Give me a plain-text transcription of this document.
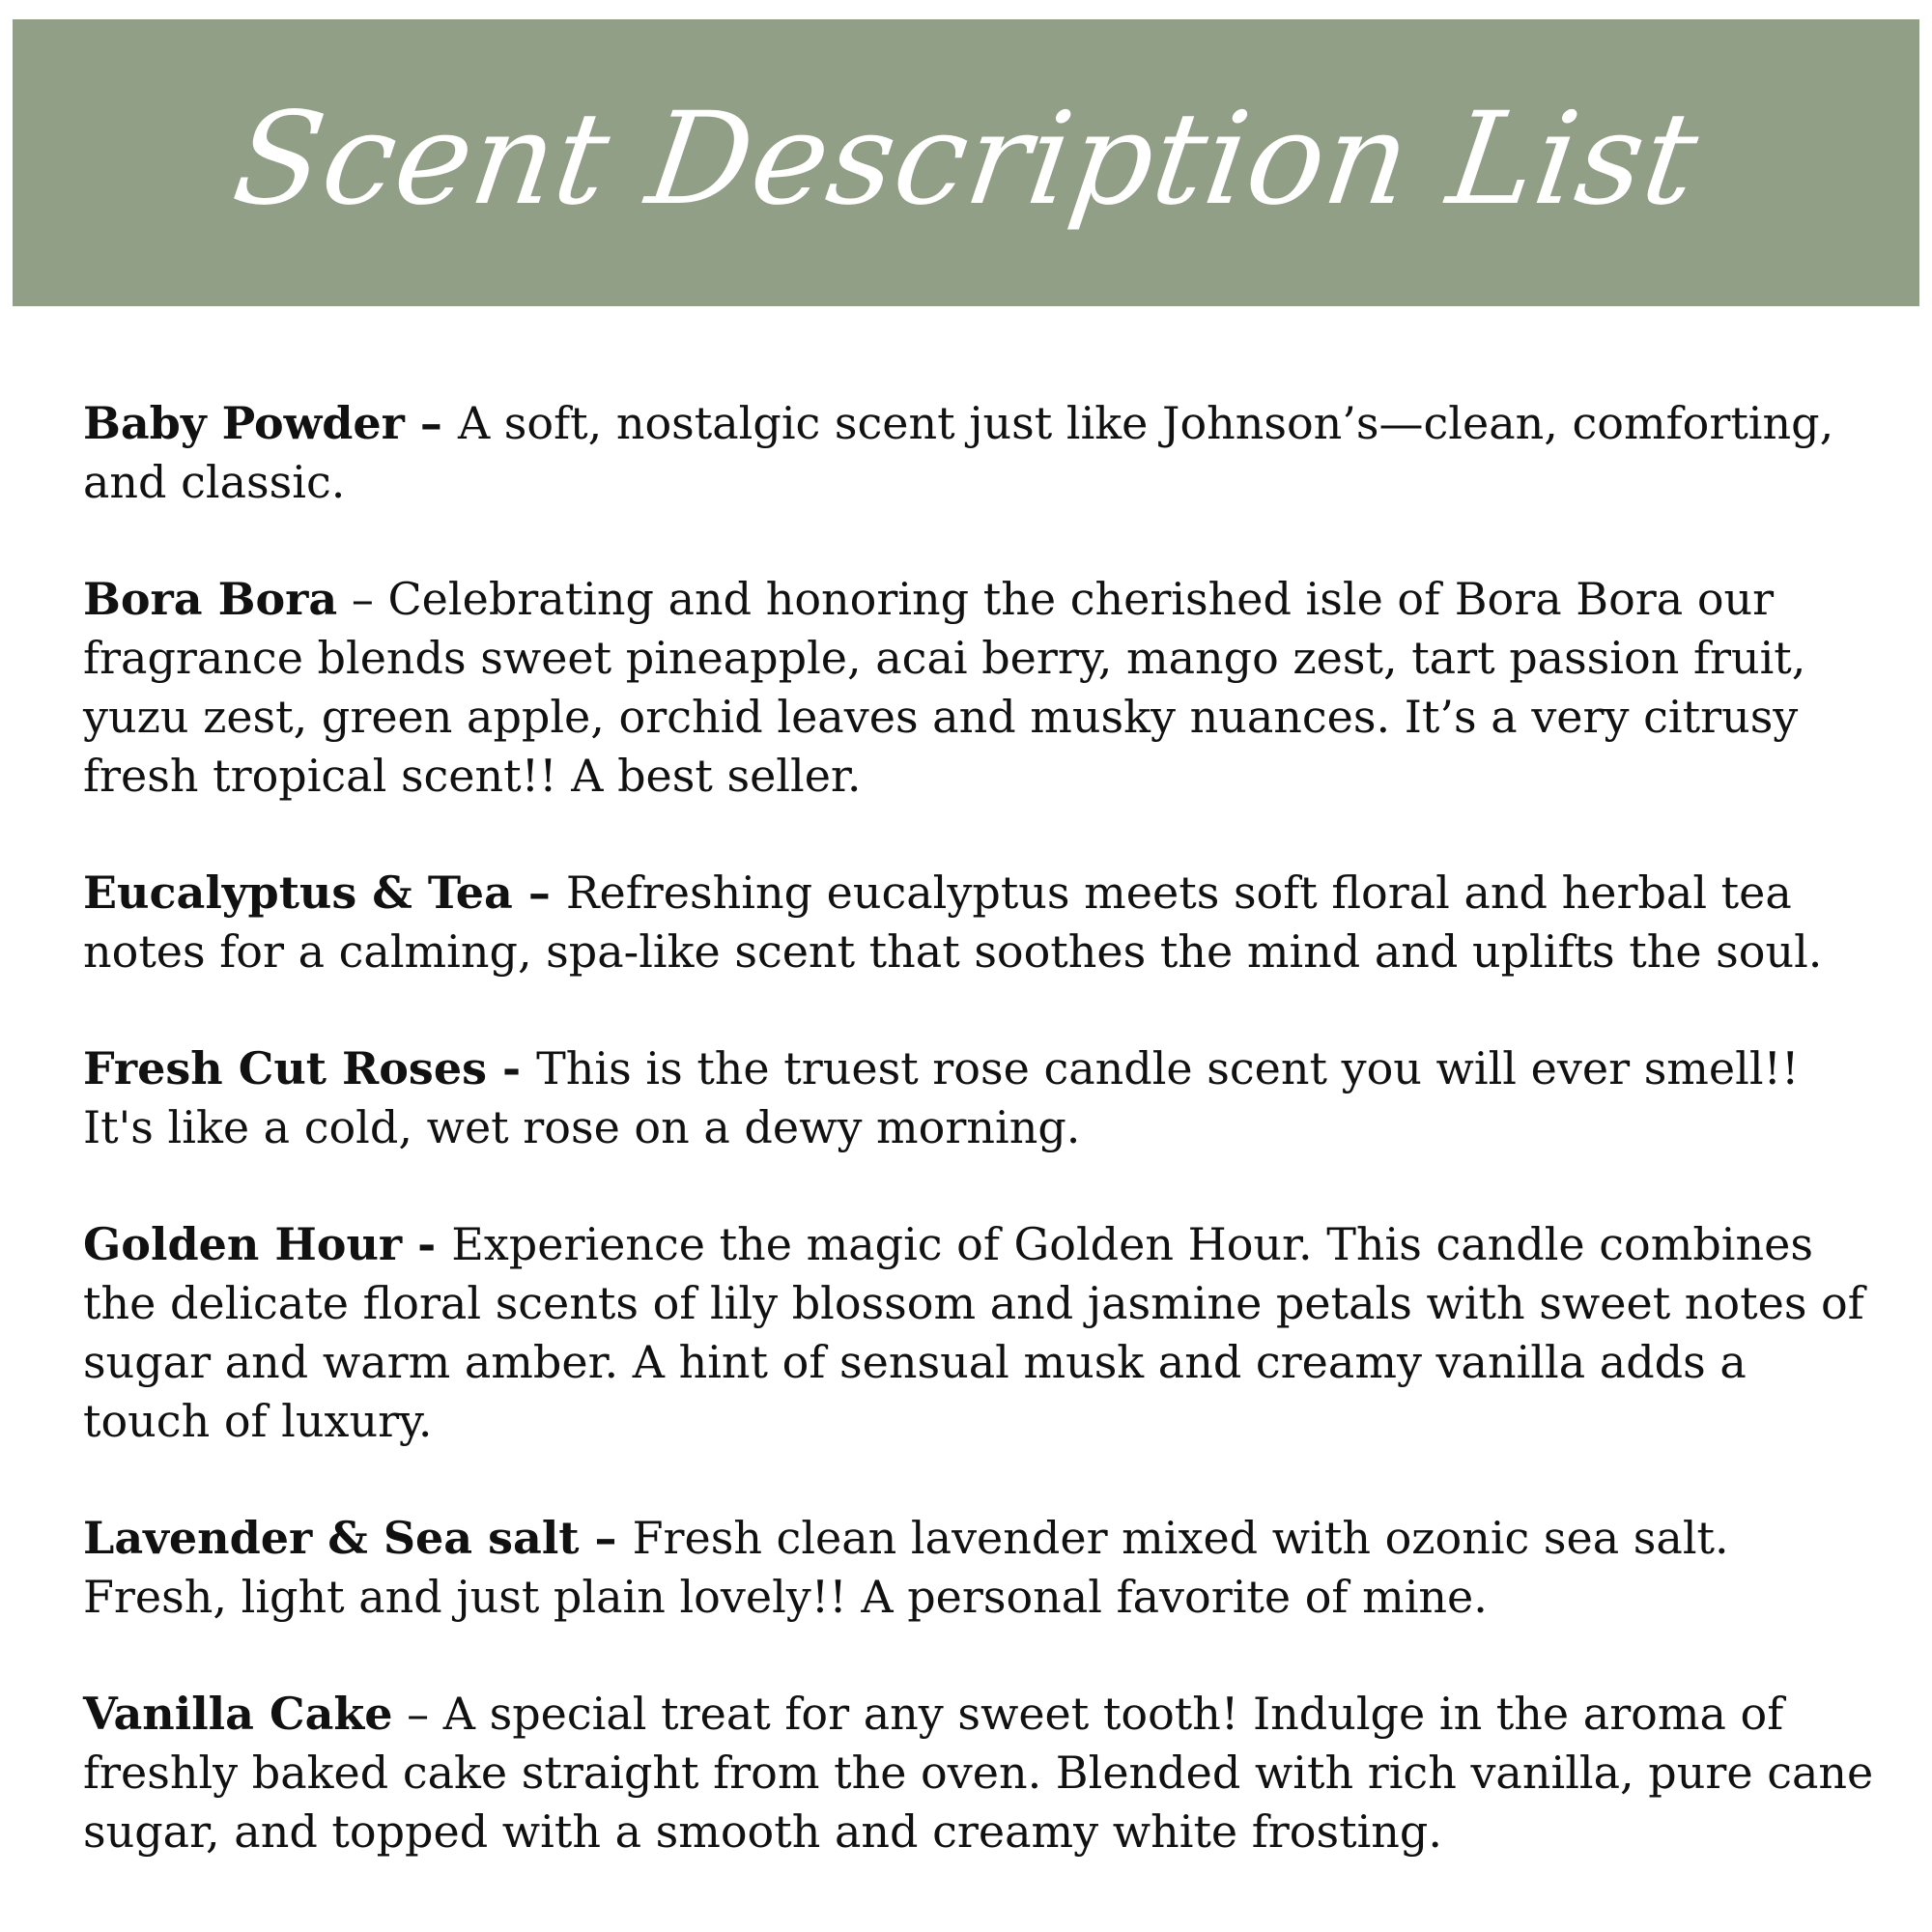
Scent Description List

Baby Powder – A soft, nostalgic scent just like Johnson’s—clean, comforting, and classic.

Bora Bora – Celebrating and honoring the cherished isle of Bora Bora our fragrance blends sweet pineapple, acai berry, mango zest, tart passion fruit, yuzu zest, green apple, orchid leaves and musky nuances. It’s a very citrusy fresh tropical scent!! A best seller.

Eucalyptus & Tea – Refreshing eucalyptus meets soft floral and herbal tea notes for a calming, spa-like scent that soothes the mind and uplifts the soul.

Fresh Cut Roses - This is the truest rose candle scent you will ever smell!! It's like a cold, wet rose on a dewy morning.

Golden Hour - Experience the magic of Golden Hour. This candle combines the delicate floral scents of lily blossom and jasmine petals with sweet notes of sugar and warm amber. A hint of sensual musk and creamy vanilla adds a touch of luxury.

Lavender & Sea salt – Fresh clean lavender mixed with ozonic sea salt. Fresh, light and just plain lovely!! A personal favorite of mine.

Vanilla Cake – A special treat for any sweet tooth! Indulge in the aroma of freshly baked cake straight from the oven. Blended with rich vanilla, pure cane sugar, and topped with a smooth and creamy white frosting.
